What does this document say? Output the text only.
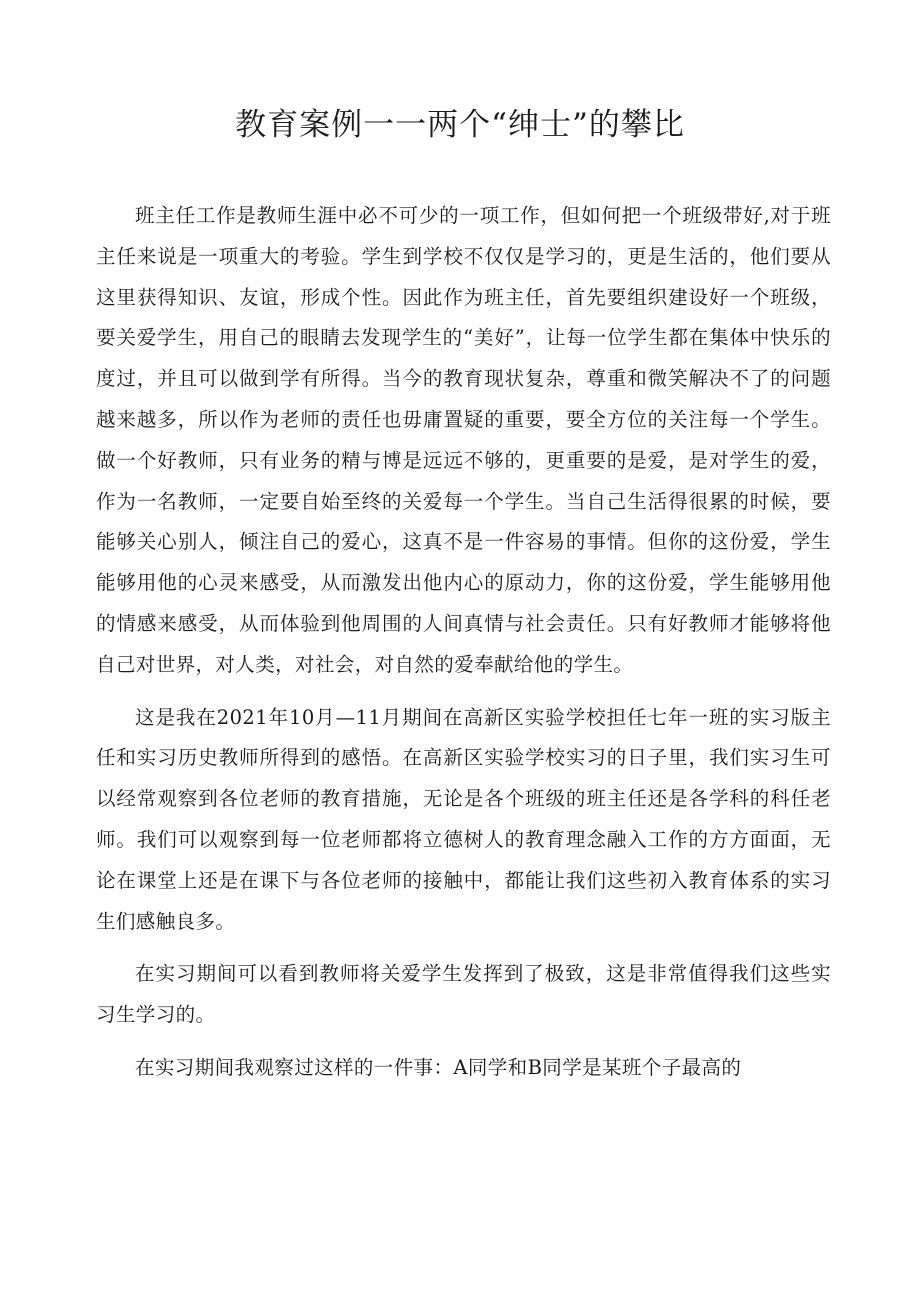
教育案例一一两个“绅士”的攀比

班主任工作是教师生涯中必不可少的一项工作，但如何把一个班级带好,对于班主任来说是一项重大的考验。学生到学校不仅仅是学习的，更是生活的，他们要从这里获得知识、友谊，形成个性。因此作为班主任，首先要组织建设好一个班级，要关爱学生，用自己的眼睛去发现学生的“美好”，让每一位学生都在集体中快乐的度过，并且可以做到学有所得。当今的教育现状复杂，尊重和微笑解决不了的问题越来越多，所以作为老师的责任也毋庸置疑的重要，要全方位的关注每一个学生。做一个好教师，只有业务的精与博是远远不够的，更重要的是爱，是对学生的爱，作为一名教师，一定要自始至终的关爱每一个学生。当自己生活得很累的时候，要能够关心别人，倾注自己的爱心，这真不是一件容易的事情。但你的这份爱，学生能够用他的心灵来感受，从而激发出他内心的原动力，你的这份爱，学生能够用他的情感来感受，从而体验到他周围的人间真情与社会责任。只有好教师才能够将他自己对世界，对人类，对社会，对自然的爱奉献给他的学生。

这是我在2021年10月—11月期间在高新区实验学校担任七年一班的实习版主任和实习历史教师所得到的感悟。在高新区实验学校实习的日子里，我们实习生可以经常观察到各位老师的教育措施，无论是各个班级的班主任还是各学科的科任老师。我们可以观察到每一位老师都将立德树人的教育理念融入工作的方方面面，无论在课堂上还是在课下与各位老师的接触中，都能让我们这些初入教育体系的实习生们感触良多。

在实习期间可以看到教师将关爱学生发挥到了极致，这是非常值得我们这些实习生学习的。

在实习期间我观察过这样的一件事：A同学和B同学是某班个子最高的
